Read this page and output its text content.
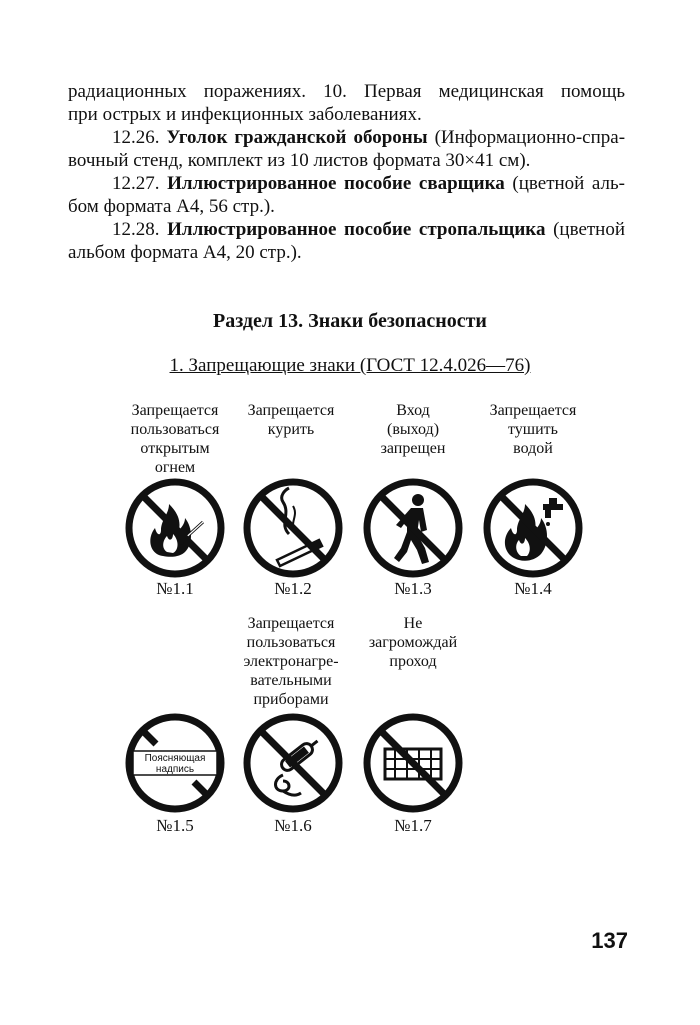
радиационных поражениях. 10. Первая медицинская помощь
при острых и инфекционных заболеваниях.
12.26. Уголок гражданской обороны (Информационно-спра-
вочный стенд, комплект из 10 листов формата 30×41 см).
12.27. Иллюстрированное пособие сварщика (цветной аль-
бом формата А4, 56 стр.).
12.28. Иллюстрированное пособие стропальщика (цветной
альбом формата А4, 20 стр.).
Раздел 13. Знаки безопасности
1. Запрещающие знаки (ГОСТ 12.4.026—76)
Запрещается
пользоваться
открытым
огнем
Запрещается
курить
Вход
(выход)
запрещен
Запрещается
тушить
водой
Запрещается
пользоваться
электронагре-
вательными
приборами
Не
загромождай
проход
Поясняющая
надпись
№1.1	№1.2	№1.3	№1.4
№1.5	№1.6	№1.7
137
